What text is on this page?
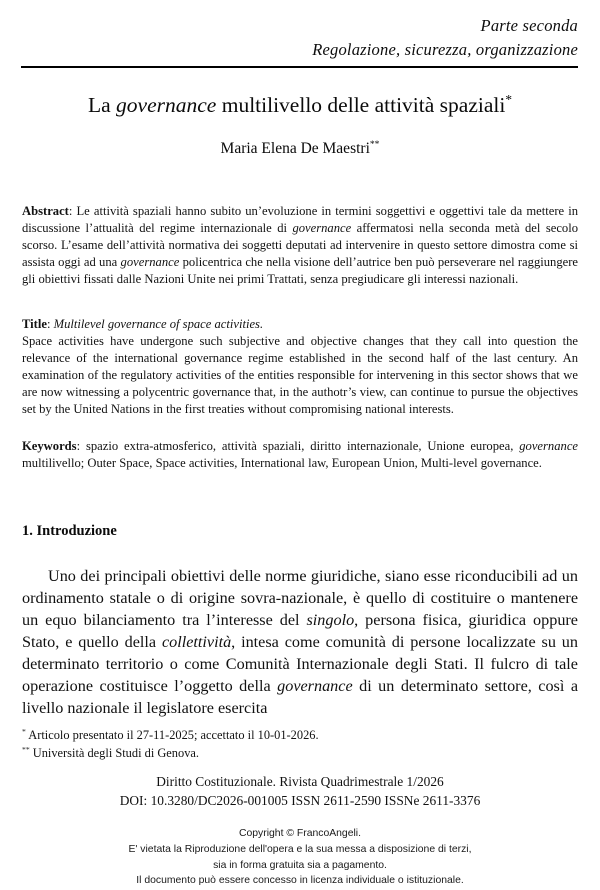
Parte seconda
Regolazione, sicurezza, organizzazione
La governance multilivello delle attività spaziali*
Maria Elena De Maestri**
Abstract: Le attività spaziali hanno subito un’evoluzione in termini soggettivi e oggettivi tale da mettere in discussione l’attualità del regime internazionale di governance affermatosi nella seconda metà del secolo scorso. L’esame dell’attività normativa dei soggetti deputati ad intervenire in questo settore dimostra come si assista oggi ad una governance policentrica che nella visione dell’autrice ben può perseverare nel raggiungere gli obiettivi fissati dalle Nazioni Unite nei primi Trattati, senza pregiudicare gli interessi nazionali.
Title: Multilevel governance of space activities.
Space activities have undergone such subjective and objective changes that they call into question the relevance of the international governance regime established in the second half of the last century. An examination of the regulatory activities of the entities responsible for intervening in this sector shows that we are now witnessing a polycentric governance that, in the authotr’s view, can continue to pursue the objectives set by the United Nations in the first treaties without compromising national interests.
Keywords: spazio extra-atmosferico, attività spaziali, diritto internazionale, Unione europea, governance multilivello; Outer Space, Space activities, International law, European Union, Multi-level governance.
1. Introduzione
Uno dei principali obiettivi delle norme giuridiche, siano esse riconducibili ad un ordinamento statale o di origine sovra-nazionale, è quello di costituire o mantenere un equo bilanciamento tra l’interesse del singolo, persona fisica, giuridica oppure Stato, e quello della collettività, intesa come comunità di persone localizzate su un determinato territorio o come Comunità Internazionale degli Stati. Il fulcro di tale operazione costituisce l’oggetto della governance di un determinato settore, così a livello nazionale il legislatore esercita
* Articolo presentato il 27-11-2025; accettato il 10-01-2026.
** Università degli Studi di Genova.
Diritto Costituzionale. Rivista Quadrimestrale 1/2026
DOI: 10.3280/DC2026-001005 ISSN 2611-2590 ISSNe 2611-3376
Copyright © FrancoAngeli.
E' vietata la Riproduzione dell'opera e la sua messa a disposizione di terzi,
sia in forma gratuita sia a pagamento.
Il documento può essere concesso in licenza individuale o istituzionale.
